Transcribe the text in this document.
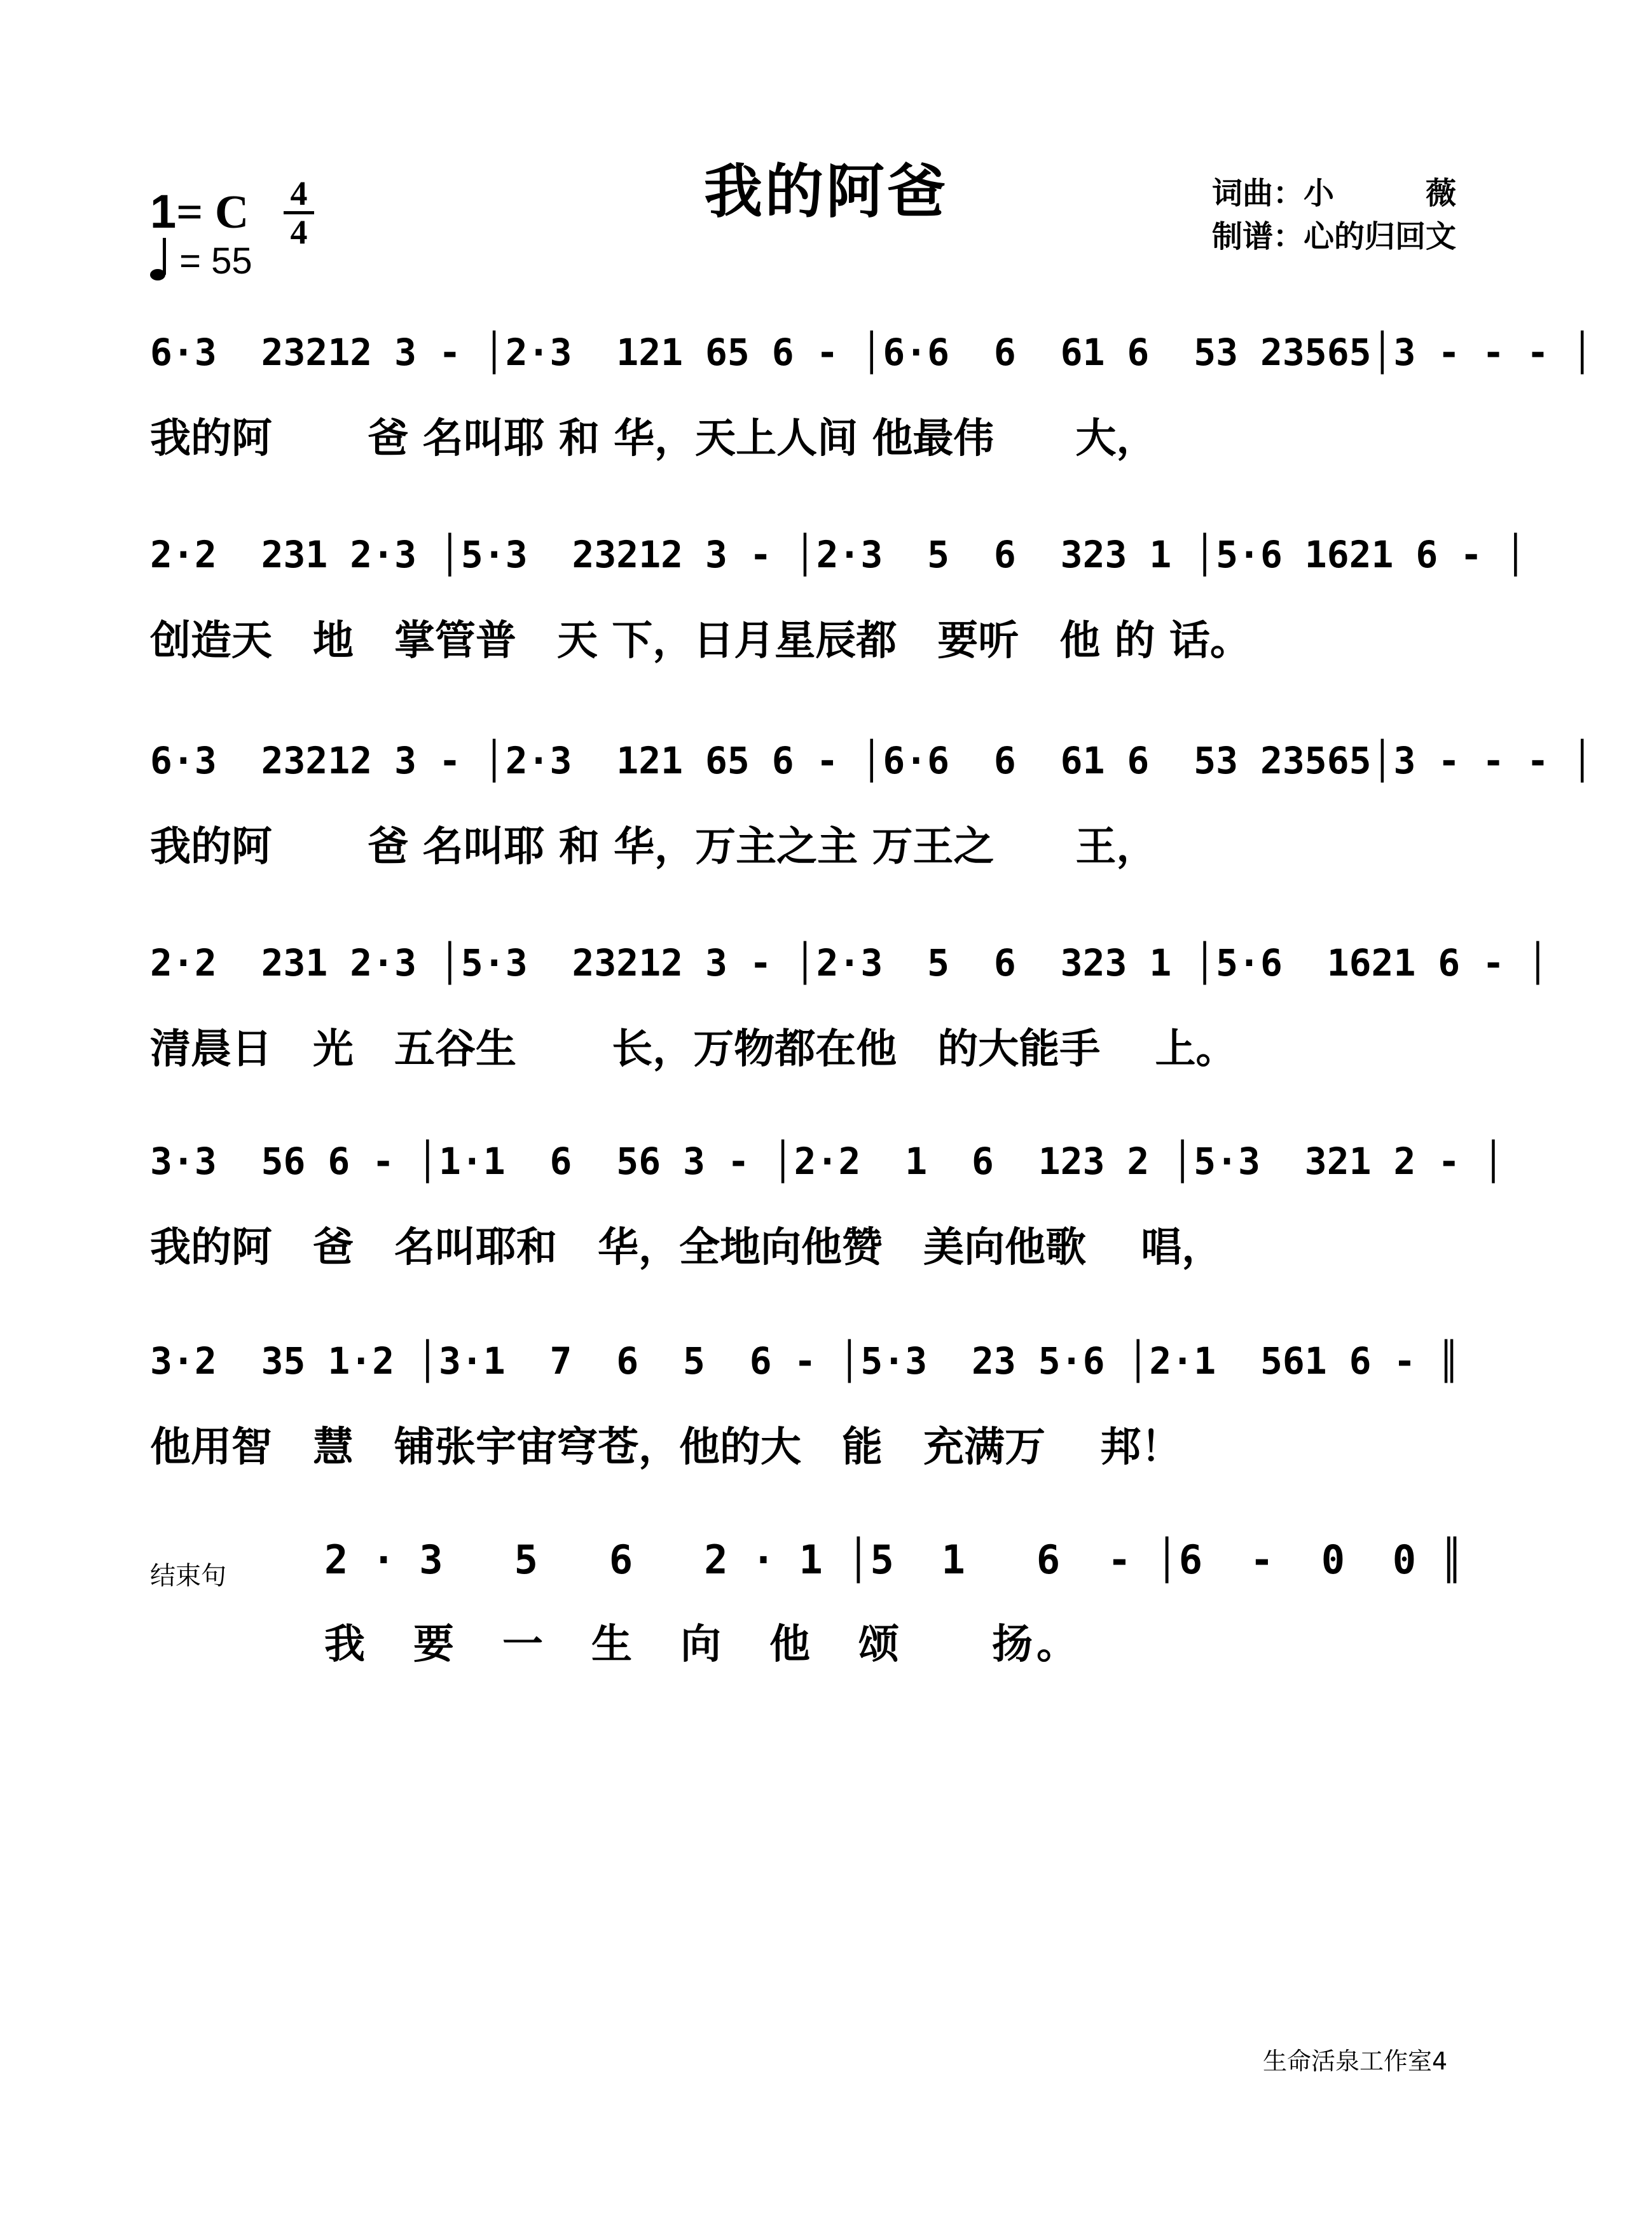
我的阿爸
1= C	4
4
= 55
词曲：小　　　薇
制谱：心的归回文
6·3  23212 3 - │2·3  121 65 6 - │6·6  6  61 6  53 23565│3 - - - │
我的阿　　 爸 名叫耶 和 华，天上人间 他最伟　　大，
2·2  231 2·3 │5·3  23212 3 - │2·3  5  6  323 1 │5·6 1621 6 - │
创造天　地　掌管普　天 下，日月星辰都　要听　他 的 话。
6·3  23212 3 - │2·3  121 65 6 - │6·6  6  61 6  53 23565│3 - - - │
我的阿　　 爸 名叫耶 和 华，万主之主 万王之　　王，
2·2  231 2·3 │5·3  23212 3 - │2·3  5  6  323 1 │5·6  1621 6 - │
清晨日　光　五谷生　　 长，万物都在他　的大能手　 上。
3·3  56 6 - │1·1  6  56 3 - │2·2  1  6  123 2 │5·3  321 2 - │
我的阿　爸　名叫耶和　华，全地向他赞　美向他歌　 唱，
3·2  35 1·2 │3·1  7  6  5  6 - │5·3  23 5·6 │2·1  561 6 - ║
他用智　慧　铺张宇宙穹苍，他的大　能　充满万　 邦！
结束句 2 · 3   5   6   2 · 1 │5  1   6  - │6  -  0  0 ║
我　要　一　生　向　他　颂　　扬。
生命活泉工作室4
